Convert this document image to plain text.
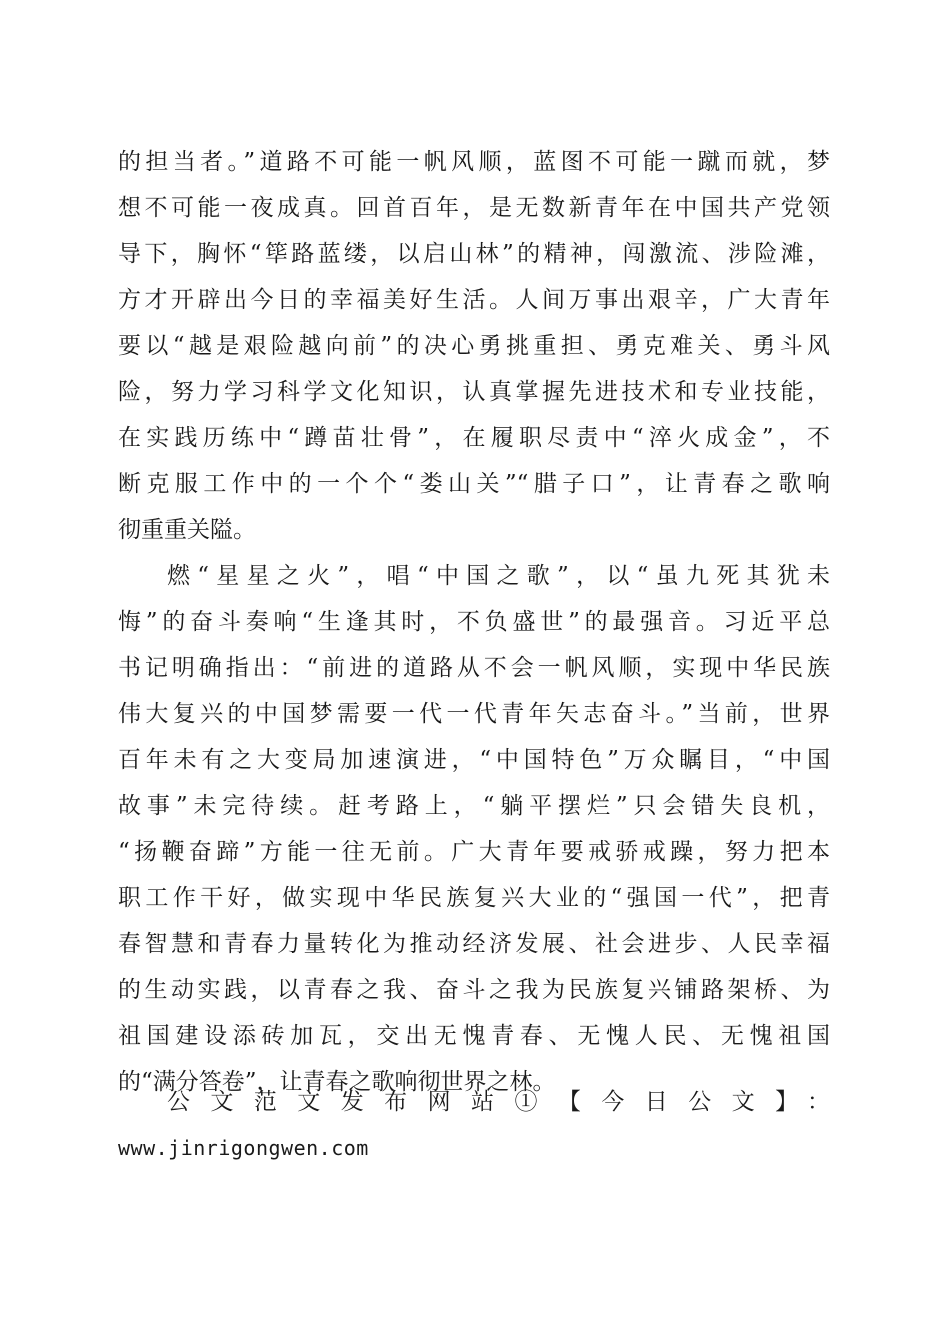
的担当者。”道路不可能一帆风顺，蓝图不可能一蹴而就，梦
想不可能一夜成真。回首百年，是无数新青年在中国共产党领
导下，胸怀“筚路蓝缕，以启山林”的精神，闯激流、涉险滩，
方才开辟出今日的幸福美好生活。人间万事出艰辛，广大青年
要以“越是艰险越向前”的决心勇挑重担、勇克难关、勇斗风
险，努力学习科学文化知识，认真掌握先进技术和专业技能，
在实践历练中“蹲苗壮骨”，在履职尽责中“淬火成金”，不
断克服工作中的一个个“娄山关”“腊子口”，让青春之歌响
彻重重关隘。
燃“星星之火”，唱“中国之歌”，以“虽九死其犹未
悔”的奋斗奏响“生逢其时，不负盛世”的最强音。习近平总
书记明确指出：“前进的道路从不会一帆风顺，实现中华民族
伟大复兴的中国梦需要一代一代青年矢志奋斗。”当前，世界
百年未有之大变局加速演进，“中国特色”万众瞩目，“中国
故事”未完待续。赶考路上，“躺平摆烂”只会错失良机，
“扬鞭奋蹄”方能一往无前。广大青年要戒骄戒躁，努力把本
职工作干好，做实现中华民族复兴大业的“强国一代”，把青
春智慧和青春力量转化为推动经济发展、社会进步、人民幸福
的生动实践，以青春之我、奋斗之我为民族复兴铺路架桥、为
祖国建设添砖加瓦，交出无愧青春、无愧人民、无愧祖国
的“满分答卷”，让青春之歌响彻世界之林。
公文范文发布网站①【今日公文】：
www.jinrigongwen.com
